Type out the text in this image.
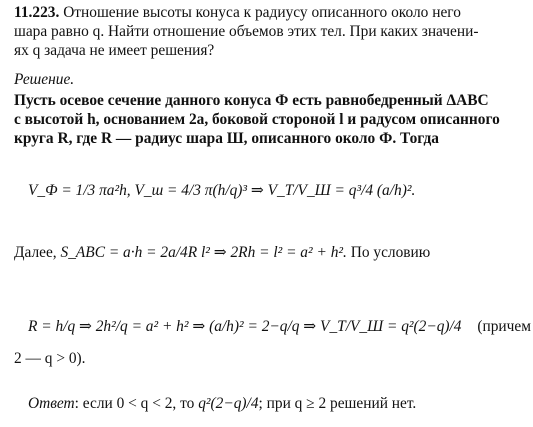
11.223. Отношение высоты конуса к радиусу описанного около него
шара равно q. Найти отношение объемов этих тел. При каких значени-
ях q задача не имеет решения?
Решение.
Пусть осевое сечение данного конуса Ф есть равнобедренный ΔABC
с высотой h, основанием 2a, боковой стороной l и радусом описанного
круга R, где R — радиус шара Ш, описанного около Ф. Тогда
V_Ф = 1/3 πa²h, V_ш = 4/3 π(h/q)³ ⇒ V_T/V_Ш = q³/4 (a/h)².
Далее, S_ABC = a·h = 2a/4R l² ⇒ 2Rh = l² = a² + h². По условию
R = h/q ⇒ 2h²/q = a² + h² ⇒ (a/h)² = 2−q/q ⇒ V_T/V_Ш = q²(2−q)/4 (причем
2 — q > 0).
Ответ: если 0 < q < 2, то q²(2−q)/4; при q ≥ 2 решений нет.
